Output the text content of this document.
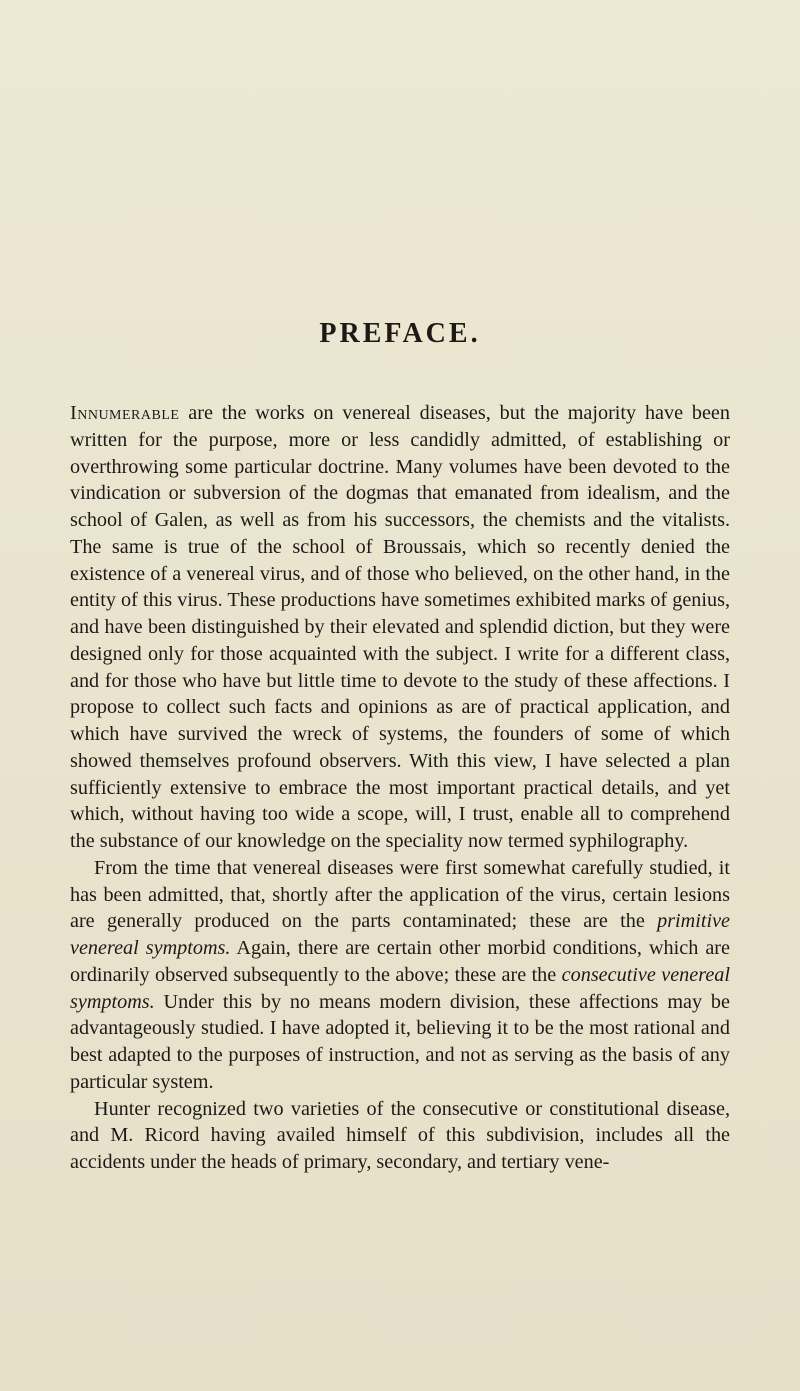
PREFACE.

Innumerable are the works on venereal diseases, but the majority have been written for the purpose, more or less candidly admitted, of establishing or overthrowing some particular doctrine. Many volumes have been devoted to the vindication or subversion of the dogmas that emanated from idealism, and the school of Galen, as well as from his successors, the chemists and the vitalists. The same is true of the school of Broussais, which so recently denied the existence of a venereal virus, and of those who believed, on the other hand, in the entity of this virus. These productions have sometimes exhibited marks of genius, and have been distinguished by their elevated and splendid diction, but they were designed only for those acquainted with the subject. I write for a different class, and for those who have but little time to devote to the study of these affections. I propose to collect such facts and opinions as are of practical application, and which have survived the wreck of systems, the founders of some of which showed themselves profound observers. With this view, I have selected a plan sufficiently extensive to embrace the most important practical details, and yet which, without having too wide a scope, will, I trust, enable all to comprehend the substance of our knowledge on the speciality now termed syphilography.

From the time that venereal diseases were first somewhat carefully studied, it has been admitted, that, shortly after the application of the virus, certain lesions are generally produced on the parts contaminated; these are the primitive venereal symptoms. Again, there are certain other morbid conditions, which are ordinarily observed subsequently to the above; these are the consecutive venereal symptoms. Under this by no means modern division, these affections may be advantageously studied. I have adopted it, believing it to be the most rational and best adapted to the purposes of instruction, and not as serving as the basis of any particular system.

Hunter recognized two varieties of the consecutive or constitutional disease, and M. Ricord having availed himself of this subdivision, includes all the accidents under the heads of primary, secondary, and tertiary vene-
